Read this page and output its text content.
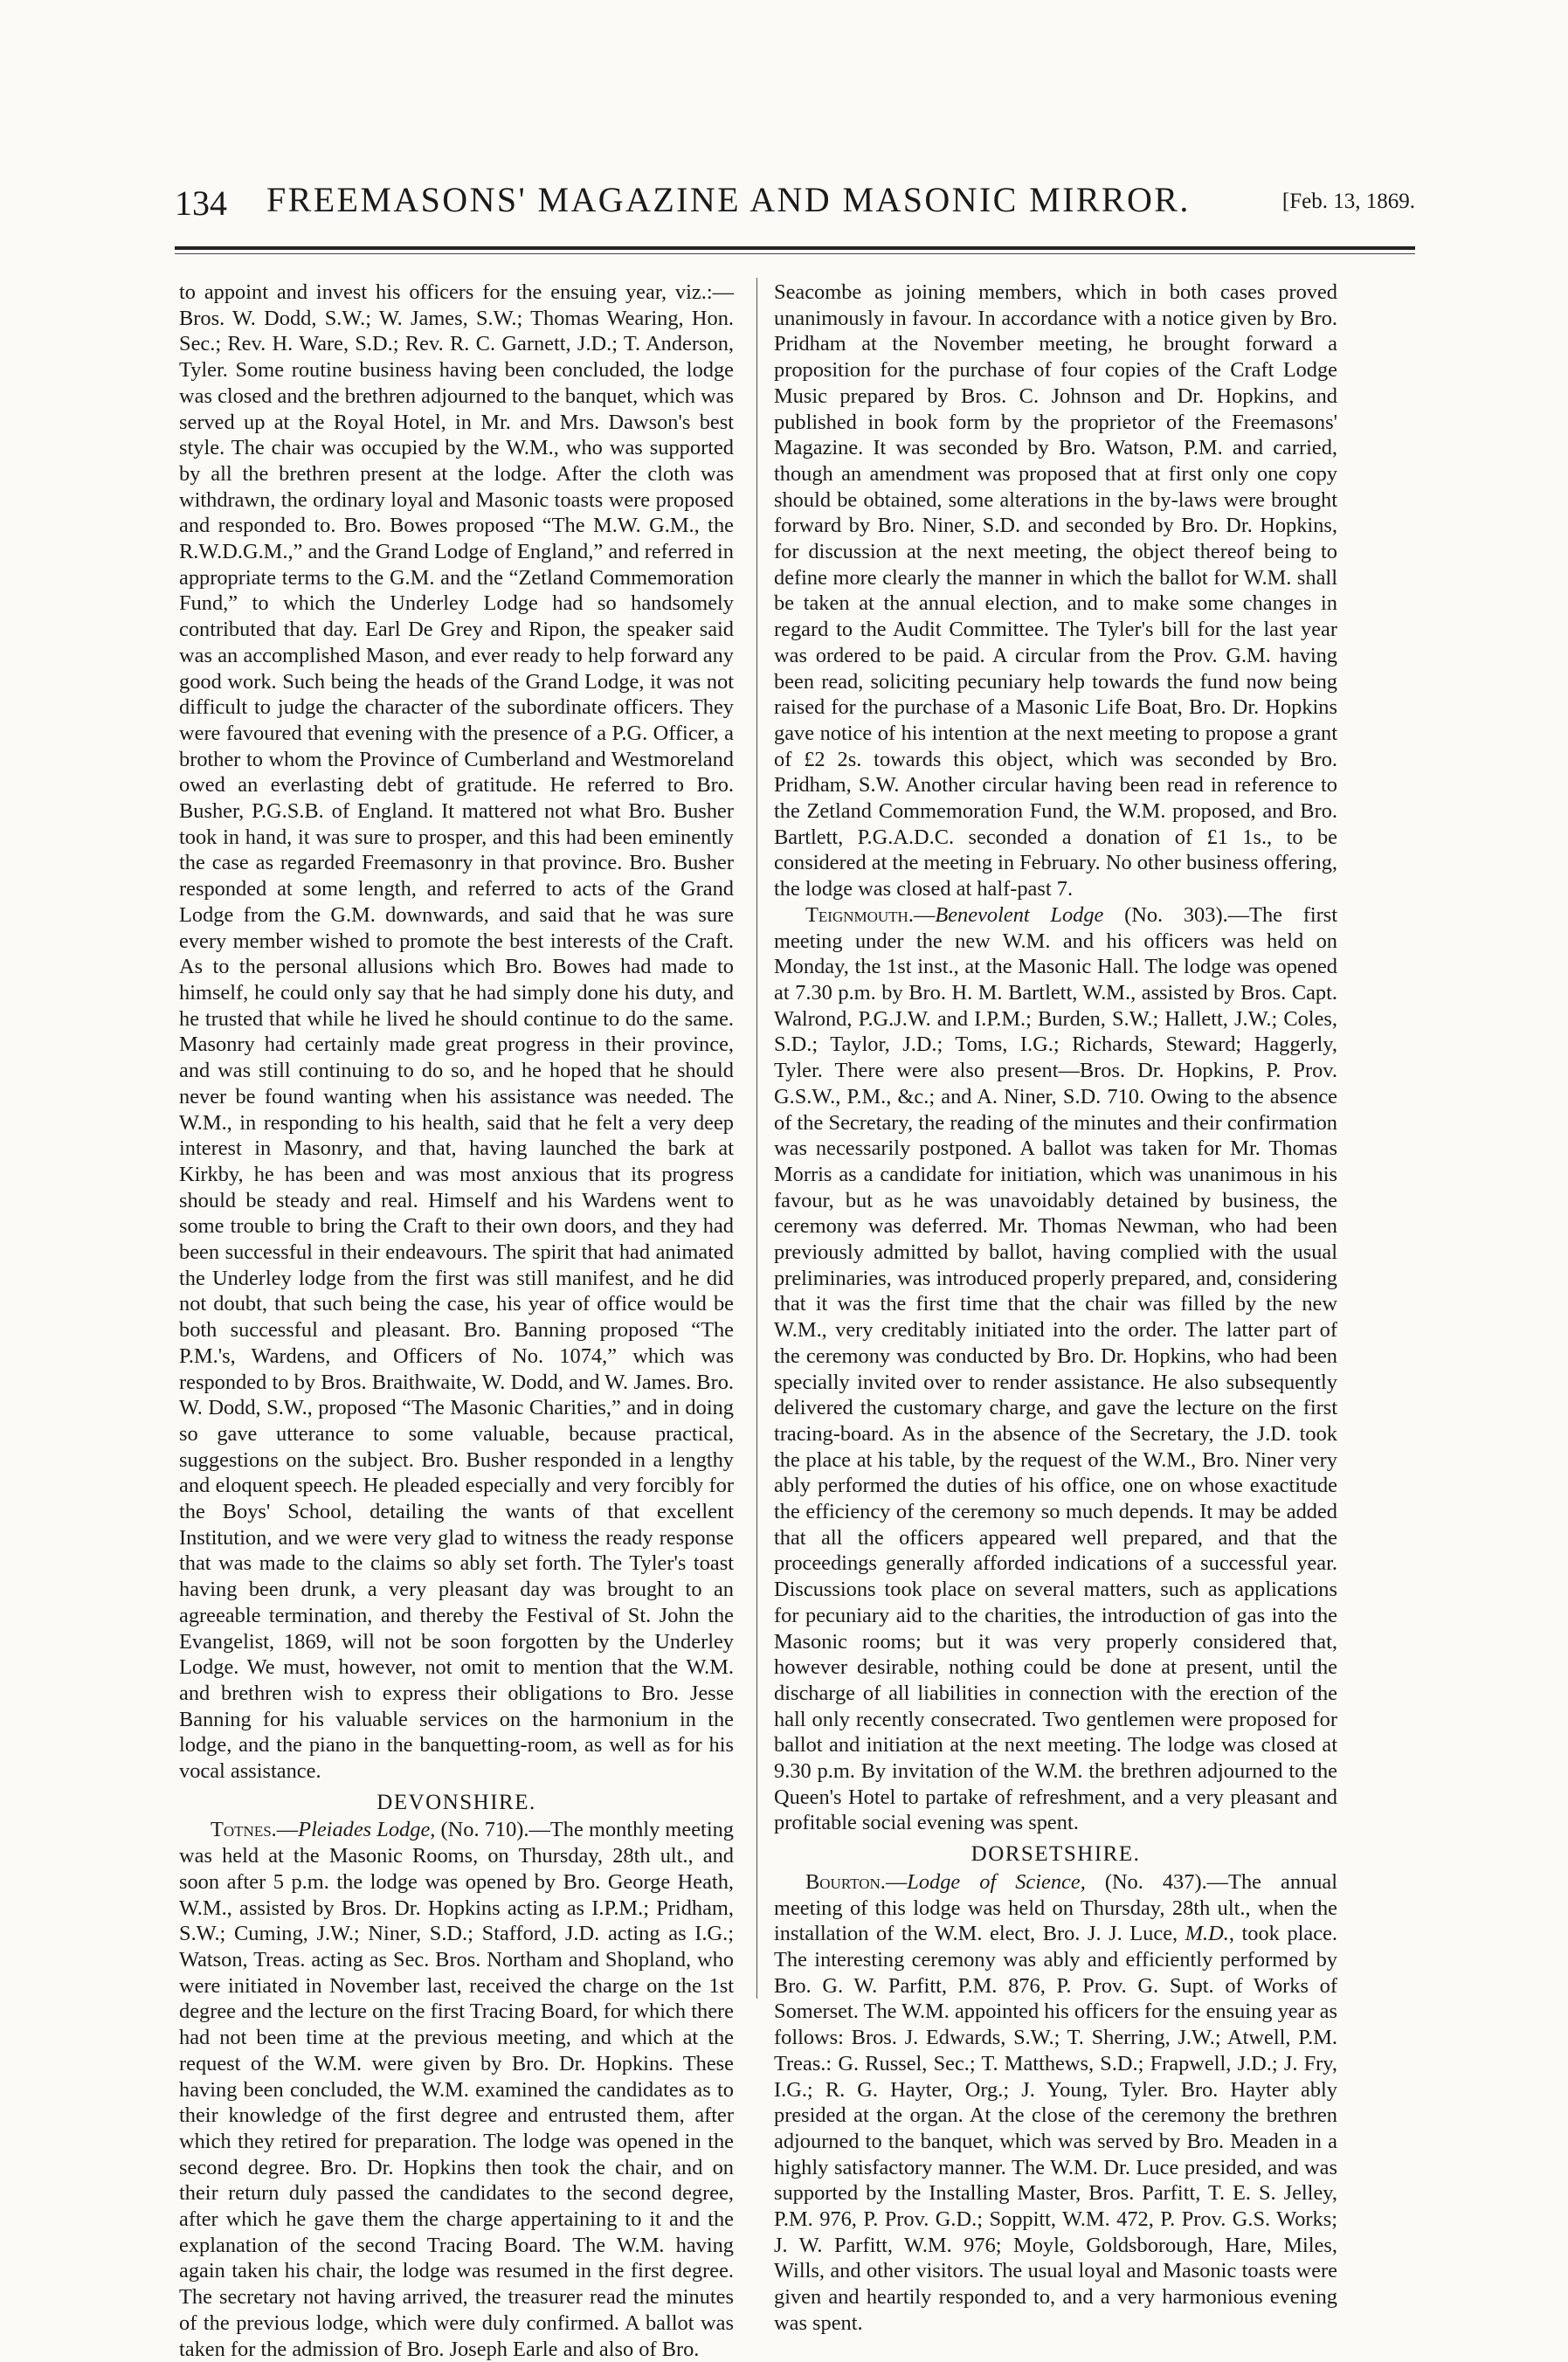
134 FREEMASONS' MAGAZINE AND MASONIC MIRROR.	[Feb. 13, 1869.

to appoint and invest his officers for the ensuing year, viz.:— Bros. W. Dodd, S.W.; W. James, S.W.; Thomas Wearing, Hon. Sec.; Rev. H. Ware, S.D.; Rev. R. C. Garnett, J.D.; T. Anderson, Tyler. Some routine business having been concluded, the lodge was closed and the brethren adjourned to the banquet, which was served up at the Royal Hotel, in Mr. and Mrs. Dawson's best style. The chair was occupied by the W.M., who was supported by all the brethren present at the lodge. After the cloth was withdrawn, the ordinary loyal and Masonic toasts were proposed and responded to. Bro. Bowes proposed “The M.W. G.M., the R.W.D.G.M.,” and the Grand Lodge of England,” and referred in appropriate terms to the G.M. and the “Zetland Commemoration Fund,” to which the Underley Lodge had so handsomely contributed that day. Earl De Grey and Ripon, the speaker said was an accomplished Mason, and ever ready to help forward any good work. Such being the heads of the Grand Lodge, it was not difficult to judge the character of the subordinate officers. They were favoured that evening with the presence of a P.G. Officer, a brother to whom the Province of Cumberland and Westmoreland owed an everlasting debt of gratitude. He referred to Bro. Busher, P.G.S.B. of England. It mattered not what Bro. Busher took in hand, it was sure to prosper, and this had been eminently the case as regarded Freemasonry in that province. Bro. Busher responded at some length, and referred to acts of the Grand Lodge from the G.M. downwards, and said that he was sure every member wished to promote the best interests of the Craft. As to the personal allusions which Bro. Bowes had made to himself, he could only say that he had simply done his duty, and he trusted that while he lived he should continue to do the same. Masonry had certainly made great progress in their province, and was still continuing to do so, and he hoped that he should never be found wanting when his assistance was needed. The W.M., in responding to his health, said that he felt a very deep interest in Masonry, and that, having launched the bark at Kirkby, he has been and was most anxious that its progress should be steady and real. Himself and his Wardens went to some trouble to bring the Craft to their own doors, and they had been successful in their endeavours. The spirit that had animated the Underley lodge from the first was still manifest, and he did not doubt, that such being the case, his year of office would be both successful and pleasant. Bro. Banning proposed “The P.M.'s, Wardens, and Officers of No. 1074,” which was responded to by Bros. Braithwaite, W. Dodd, and W. James. Bro. W. Dodd, S.W., proposed “The Masonic Charities,” and in doing so gave utterance to some valuable, because practical, suggestions on the subject. Bro. Busher responded in a lengthy and eloquent speech. He pleaded especially and very forcibly for the Boys' School, detailing the wants of that excellent Institution, and we were very glad to witness the ready response that was made to the claims so ably set forth. The Tyler's toast having been drunk, a very pleasant day was brought to an agreeable termination, and thereby the Festival of St. John the Evangelist, 1869, will not be soon forgotten by the Underley Lodge. We must, however, not omit to mention that the W.M. and brethren wish to express their obligations to Bro. Jesse Banning for his valuable services on the harmonium in the lodge, and the piano in the banquetting-room, as well as for his vocal assistance.

DEVONSHIRE.

Totnes.—Pleiades Lodge, (No. 710).—The monthly meeting was held at the Masonic Rooms, on Thursday, 28th ult., and soon after 5 p.m. the lodge was opened by Bro. George Heath, W.M., assisted by Bros. Dr. Hopkins acting as I.P.M.; Pridham, S.W.; Cuming, J.W.; Niner, S.D.; Stafford, J.D. acting as I.G.; Watson, Treas. acting as Sec. Bros. Northam and Shopland, who were initiated in November last, received the charge on the 1st degree and the lecture on the first Tracing Board, for which there had not been time at the previous meeting, and which at the request of the W.M. were given by Bro. Dr. Hopkins. These having been concluded, the W.M. examined the candidates as to their knowledge of the first degree and entrusted them, after which they retired for preparation. The lodge was opened in the second degree. Bro. Dr. Hopkins then took the chair, and on their return duly passed the candidates to the second degree, after which he gave them the charge appertaining to it and the explanation of the second Tracing Board. The W.M. having again taken his chair, the lodge was resumed in the first degree. The secretary not having arrived, the treasurer read the minutes of the previous lodge, which were duly confirmed. A ballot was taken for the admission of Bro. Joseph Earle and also of Bro.

Seacombe as joining members, which in both cases proved unanimously in favour. In accordance with a notice given by Bro. Pridham at the November meeting, he brought forward a proposition for the purchase of four copies of the Craft Lodge Music prepared by Bros. C. Johnson and Dr. Hopkins, and published in book form by the proprietor of the Freemasons' Magazine. It was seconded by Bro. Watson, P.M. and carried, though an amendment was proposed that at first only one copy should be obtained, some alterations in the by-laws were brought forward by Bro. Niner, S.D. and seconded by Bro. Dr. Hopkins, for discussion at the next meeting, the object thereof being to define more clearly the manner in which the ballot for W.M. shall be taken at the annual election, and to make some changes in regard to the Audit Committee. The Tyler's bill for the last year was ordered to be paid. A circular from the Prov. G.M. having been read, soliciting pecuniary help towards the fund now being raised for the purchase of a Masonic Life Boat, Bro. Dr. Hopkins gave notice of his intention at the next meeting to propose a grant of £2 2s. towards this object, which was seconded by Bro. Pridham, S.W. Another circular having been read in reference to the Zetland Commemoration Fund, the W.M. proposed, and Bro. Bartlett, P.G.A.D.C. seconded a donation of £1 1s., to be considered at the meeting in February. No other business offering, the lodge was closed at half-past 7.

Teignmouth.—Benevolent Lodge (No. 303).—The first meeting under the new W.M. and his officers was held on Monday, the 1st inst., at the Masonic Hall. The lodge was opened at 7.30 p.m. by Bro. H. M. Bartlett, W.M., assisted by Bros. Capt. Walrond, P.G.J.W. and I.P.M.; Burden, S.W.; Hallett, J.W.; Coles, S.D.; Taylor, J.D.; Toms, I.G.; Richards, Steward; Haggerly, Tyler. There were also present—Bros. Dr. Hopkins, P. Prov. G.S.W., P.M., &c.; and A. Niner, S.D. 710. Owing to the absence of the Secretary, the reading of the minutes and their confirmation was necessarily postponed. A ballot was taken for Mr. Thomas Morris as a candidate for initiation, which was unanimous in his favour, but as he was unavoidably detained by business, the ceremony was deferred. Mr. Thomas Newman, who had been previously admitted by ballot, having complied with the usual preliminaries, was introduced properly prepared, and, considering that it was the first time that the chair was filled by the new W.M., very creditably initiated into the order. The latter part of the ceremony was conducted by Bro. Dr. Hopkins, who had been specially invited over to render assistance. He also subsequently delivered the customary charge, and gave the lecture on the first tracing-board. As in the absence of the Secretary, the J.D. took the place at his table, by the request of the W.M., Bro. Niner very ably performed the duties of his office, one on whose exactitude the efficiency of the ceremony so much depends. It may be added that all the officers appeared well prepared, and that the proceedings generally afforded indications of a successful year. Discussions took place on several matters, such as applications for pecuniary aid to the charities, the introduction of gas into the Masonic rooms; but it was very properly considered that, however desirable, nothing could be done at present, until the discharge of all liabilities in connection with the erection of the hall only recently consecrated. Two gentlemen were proposed for ballot and initiation at the next meeting. The lodge was closed at 9.30 p.m. By invitation of the W.M. the brethren adjourned to the Queen's Hotel to partake of refreshment, and a very pleasant and profitable social evening was spent.

DORSETSHIRE.

Bourton.—Lodge of Science, (No. 437).—The annual meeting of this lodge was held on Thursday, 28th ult., when the installation of the W.M. elect, Bro. J. J. Luce, M.D., took place. The interesting ceremony was ably and efficiently performed by Bro. G. W. Parfitt, P.M. 876, P. Prov. G. Supt. of Works of Somerset. The W.M. appointed his officers for the ensuing year as follows: Bros. J. Edwards, S.W.; T. Sherring, J.W.; Atwell, P.M. Treas.: G. Russel, Sec.; T. Matthews, S.D.; Frapwell, J.D.; J. Fry, I.G.; R. G. Hayter, Org.; J. Young, Tyler. Bro. Hayter ably presided at the organ. At the close of the ceremony the brethren adjourned to the banquet, which was served by Bro. Meaden in a highly satisfactory manner. The W.M. Dr. Luce presided, and was supported by the Installing Master, Bros. Parfitt, T. E. S. Jelley, P.M. 976, P. Prov. G.D.; Soppitt, W.M. 472, P. Prov. G.S. Works; J. W. Parfitt, W.M. 976; Moyle, Goldsborough, Hare, Miles, Wills, and other visitors. The usual loyal and Masonic toasts were given and heartily responded to, and a very harmonious evening was spent.
